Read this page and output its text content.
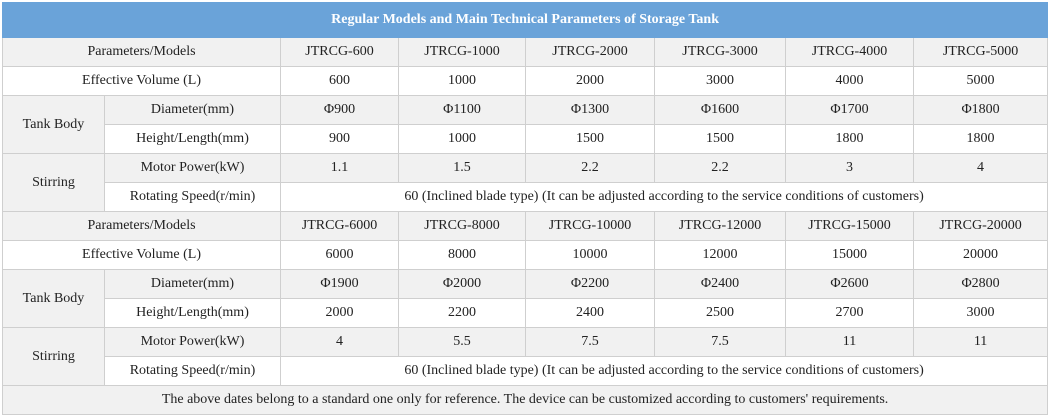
Regular Models and Main Technical Parameters of Storage Tank							
Parameters/Models		JTRCG-600	JTRCG-1000	JTRCG-2000	JTRCG-3000	JTRCG-4000	JTRCG-5000
Effective Volume (L)		600	1000	2000	3000	4000	5000
Tank Body	Diameter(mm)	Φ900	Φ1100	Φ1300	Φ1600	Φ1700	Φ1800
	Height/Length(mm)	900	1000	1500	1500	1800	1800
Stirring	Motor Power(kW)	1.1	1.5	2.2	2.2	3	4
	Rotating Speed(r/min)	60 (Inclined blade type) (It can be adjusted according to the service conditions of customers)					
Parameters/Models		JTRCG-6000	JTRCG-8000	JTRCG-10000	JTRCG-12000	JTRCG-15000	JTRCG-20000
Effective Volume (L)		6000	8000	10000	12000	15000	20000
Tank Body	Diameter(mm)	Φ1900	Φ2000	Φ2200	Φ2400	Φ2600	Φ2800
	Height/Length(mm)	2000	2200	2400	2500	2700	3000
Stirring	Motor Power(kW)	4	5.5	7.5	7.5	11	11
	Rotating Speed(r/min)	60 (Inclined blade type) (It can be adjusted according to the service conditions of customers)					
The above dates belong to a standard one only for reference. The device can be customized according to customers' requirements.							
